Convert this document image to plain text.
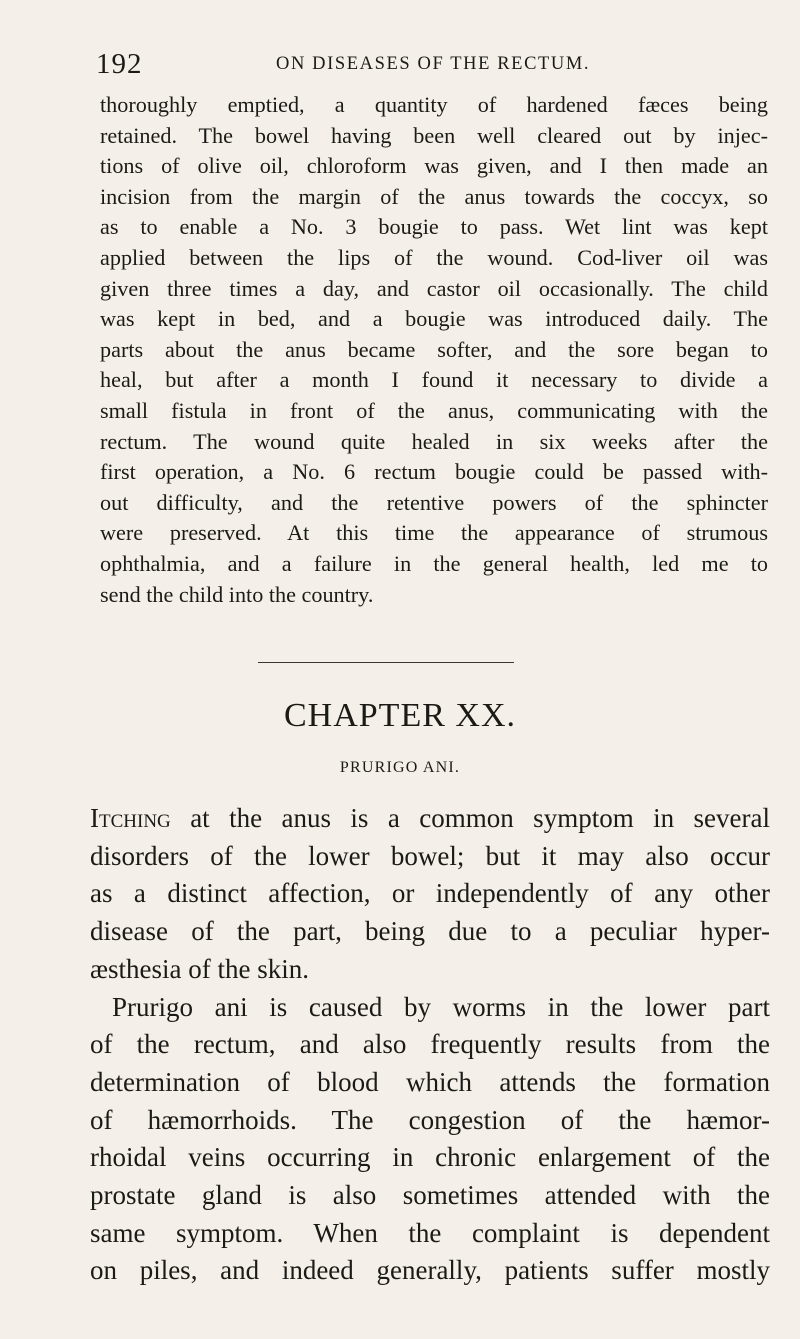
192	ON DISEASES OF THE RECTUM.
thoroughly emptied, a quantity of hardened fæces being
retained. The bowel having been well cleared out by injec-
tions of olive oil, chloroform was given, and I then made an
incision from the margin of the anus towards the coccyx, so
as to enable a No. 3 bougie to pass. Wet lint was kept
applied between the lips of the wound. Cod-liver oil was
given three times a day, and castor oil occasionally. The child
was kept in bed, and a bougie was introduced daily. The
parts about the anus became softer, and the sore began to
heal, but after a month I found it necessary to divide a
small fistula in front of the anus, communicating with the
rectum. The wound quite healed in six weeks after the
first operation, a No. 6 rectum bougie could be passed with-
out difficulty, and the retentive powers of the sphincter
were preserved. At this time the appearance of strumous
ophthalmia, and a failure in the general health, led me to
send the child into the country.
CHAPTER XX.
PRURIGO ANI.
Itching at the anus is a common symptom in several
disorders of the lower bowel; but it may also occur
as a distinct affection, or independently of any other
disease of the part, being due to a peculiar hyper-
æsthesia of the skin.
Prurigo ani is caused by worms in the lower part
of the rectum, and also frequently results from the
determination of blood which attends the formation
of hæmorrhoids. The congestion of the hæmor-
rhoidal veins occurring in chronic enlargement of the
prostate gland is also sometimes attended with the
same symptom. When the complaint is dependent
on piles, and indeed generally, patients suffer mostly
